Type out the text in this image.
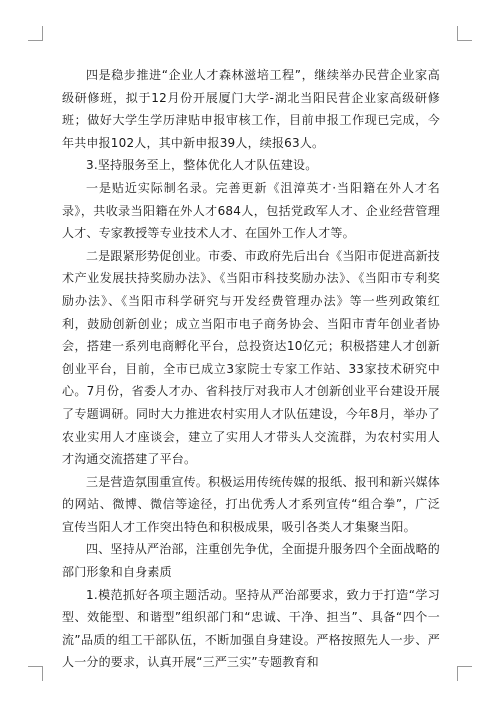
四是稳步推进“企业人才森林滋培工程”，继续举办民营企业家高级研修班，拟于12月份开展厦门大学-湖北当阳民营企业家高级研修班；做好大学生学历津贴申报审核工作，目前申报工作现已完成，今年共申报102人，其中新申报39人，续报63人。

3.坚持服务至上，整体优化人才队伍建设。

一是贴近实际制名录。完善更新《沮漳英才·当阳籍在外人才名录》，共收录当阳籍在外人才684人，包括党政军人才、企业经营管理人才、专家教授等专业技术人才、在国外工作人才等。

二是跟紧形势促创业。市委、市政府先后出台《当阳市促进高新技术产业发展扶持奖励办法》、《当阳市科技奖励办法》、《当阳市专利奖励办法》、《当阳市科学研究与开发经费管理办法》等一些列政策红利，鼓励创新创业；成立当阳市电子商务协会、当阳市青年创业者协会，搭建一系列电商孵化平台，总投资达10亿元；积极搭建人才创新创业平台，目前，全市已成立3家院士专家工作站、33家技术研究中心。7月份，省委人才办、省科技厅对我市人才创新创业平台建设开展了专题调研。同时大力推进农村实用人才队伍建设，今年8月，举办了农业实用人才座谈会，建立了实用人才带头人交流群，为农村实用人才沟通交流搭建了平台。

三是营造氛围重宣传。积极运用传统传媒的报纸、报刊和新兴媒体的网站、微博、微信等途径，打出优秀人才系列宣传“组合拳”，广泛宣传当阳人才工作突出特色和积极成果，吸引各类人才集聚当阳。

四、坚持从严治部，注重创先争优，全面提升服务四个全面战略的部门形象和自身素质

1.模范抓好各项主题活动。坚持从严治部要求，致力于打造“学习型、效能型、和谐型”组织部门和“忠诚、干净、担当”、具备“四个一流”品质的组工干部队伍，不断加强自身建设。严格按照先人一步、严人一分的要求，认真开展“三严三实”专题教育和
